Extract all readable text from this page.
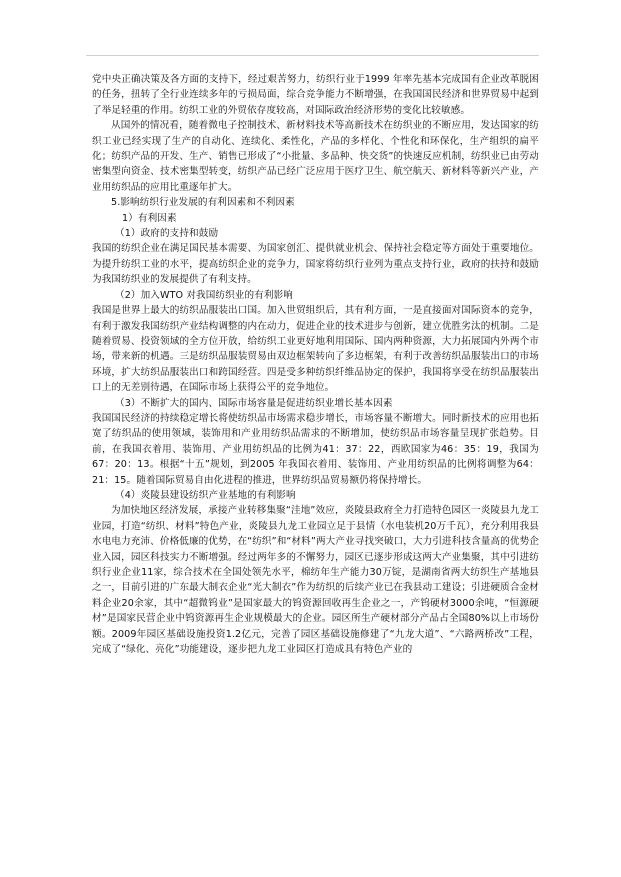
党中央正确决策及各方面的支持下，经过艰苦努力，纺织行业于1999 年率先基本完成国有企业改革脱困的任务，扭转了全行业连续多年的亏损局面，综合竞争能力不断增强，在我国国民经济和世界贸易中起到了举足轻重的作用。纺织工业的外贸依存度较高，对国际政治经济形势的变化比较敏感。

从国外的情况看，随着微电子控制技术、新材料技术等高新技术在纺织业的不断应用，发达国家的纺织工业已经实现了生产的自动化、连续化、柔性化，产品的多样化、个性化和环保化，生产组织的扁平化；纺织产品的开发、生产、销售已形成了“小批量、多品种、快交货”的快速反应机制，纺织业已由劳动密集型向资金、技术密集型转变，纺织产品已经广泛应用于医疗卫生、航空航天、新材料等新兴产业，产业用纺织品的应用比重逐年扩大。

5.影响纺织行业发展的有利因素和不利因素

1）有利因素

（1）政府的支持和鼓励

我国的纺织企业在满足国民基本需要、为国家创汇、提供就业机会、保持社会稳定等方面处于重要地位。为提升纺织工业的水平，提高纺织企业的竞争力，国家将纺织行业列为重点支持行业，政府的扶持和鼓励为我国纺织业的发展提供了有利支持。

（2）加入WTO 对我国纺织业的有利影响

我国是世界上最大的纺织品服装出口国。加入世贸组织后，其有利方面，一是直接面对国际资本的竞争，有利于激发我国纺织产业结构调整的内在动力，促进企业的技术进步与创新，建立优胜劣汰的机制。二是随着贸易、投资领域的全方位开放，给纺织工业更好地利用国际、国内两种资源，大力拓展国内外两个市场，带来新的机遇。三是纺织品服装贸易由双边框架转向了多边框架，有利于改善纺织品服装出口的市场环境，扩大纺织品服装出口和跨国经营。四是受多种纺织纤维品协定的保护，我国将享受在纺织品服装出口上的无差别待遇，在国际市场上获得公平的竞争地位。

（3）不断扩大的国内、国际市场容量是促进纺织业增长基本因素

我国国民经济的持续稳定增长将使纺织品市场需求稳步增长，市场容量不断增大。同时新技术的应用也拓宽了纺织品的使用领域，装饰用和产业用纺织品需求的不断增加，使纺织品市场容量呈现扩张趋势。目前，在我国衣着用、装饰用、产业用纺织品的比例为41：37：22，西欧国家为46：35：19，我国为67：20：13。根据“十五”规划，到2005 年我国衣着用、装饰用、产业用纺织品的比例将调整为64：21：15。随着国际贸易自由化进程的推进，世界纺织品贸易额仍将保持增长。

（4）炎陵县建设纺织产业基地的有利影响

为加快地区经济发展，承接产业转移集聚“洼地”效应，炎陵县政府全力打造特色园区一炎陵县九龙工业园，打造“纺织、材料”特色产业，炎陵县九龙工业园立足于县情（水电装机20万千瓦），充分利用我县水电电力充沛、价格低廉的优势，在“纺织”和“材料”两大产业寻找突破口，大力引进科技含量高的优势企业入园，园区科技实力不断增强。经过两年多的不懈努力，园区已逐步形成这两大产业集聚，其中引进纺织行业企业11家，综合技术在全国处领先水平，棉纺年生产能力30万锭，是湖南省两大纺织生产基地县之一，目前引进的广东最大制衣企业“光大制衣”作为纺织的后续产业已在我县动工建设；引进硬质合金材料企业20余家，其中“超微钨业”是国家最大的钨资源回收再生企业之一，产钨硬材3000余吨，“恒源硬材”是国家民营企业中钨资源再生企业规模最大的企业。园区所生产硬材部分产品占全国80%以上市场份额。2009年园区基础设施投资1.2亿元，完善了园区基础设施修建了“九龙大道”、“六路两桥改”工程，完成了“绿化、亮化”功能建设，逐步把九龙工业园区打造成具有特色产业的
